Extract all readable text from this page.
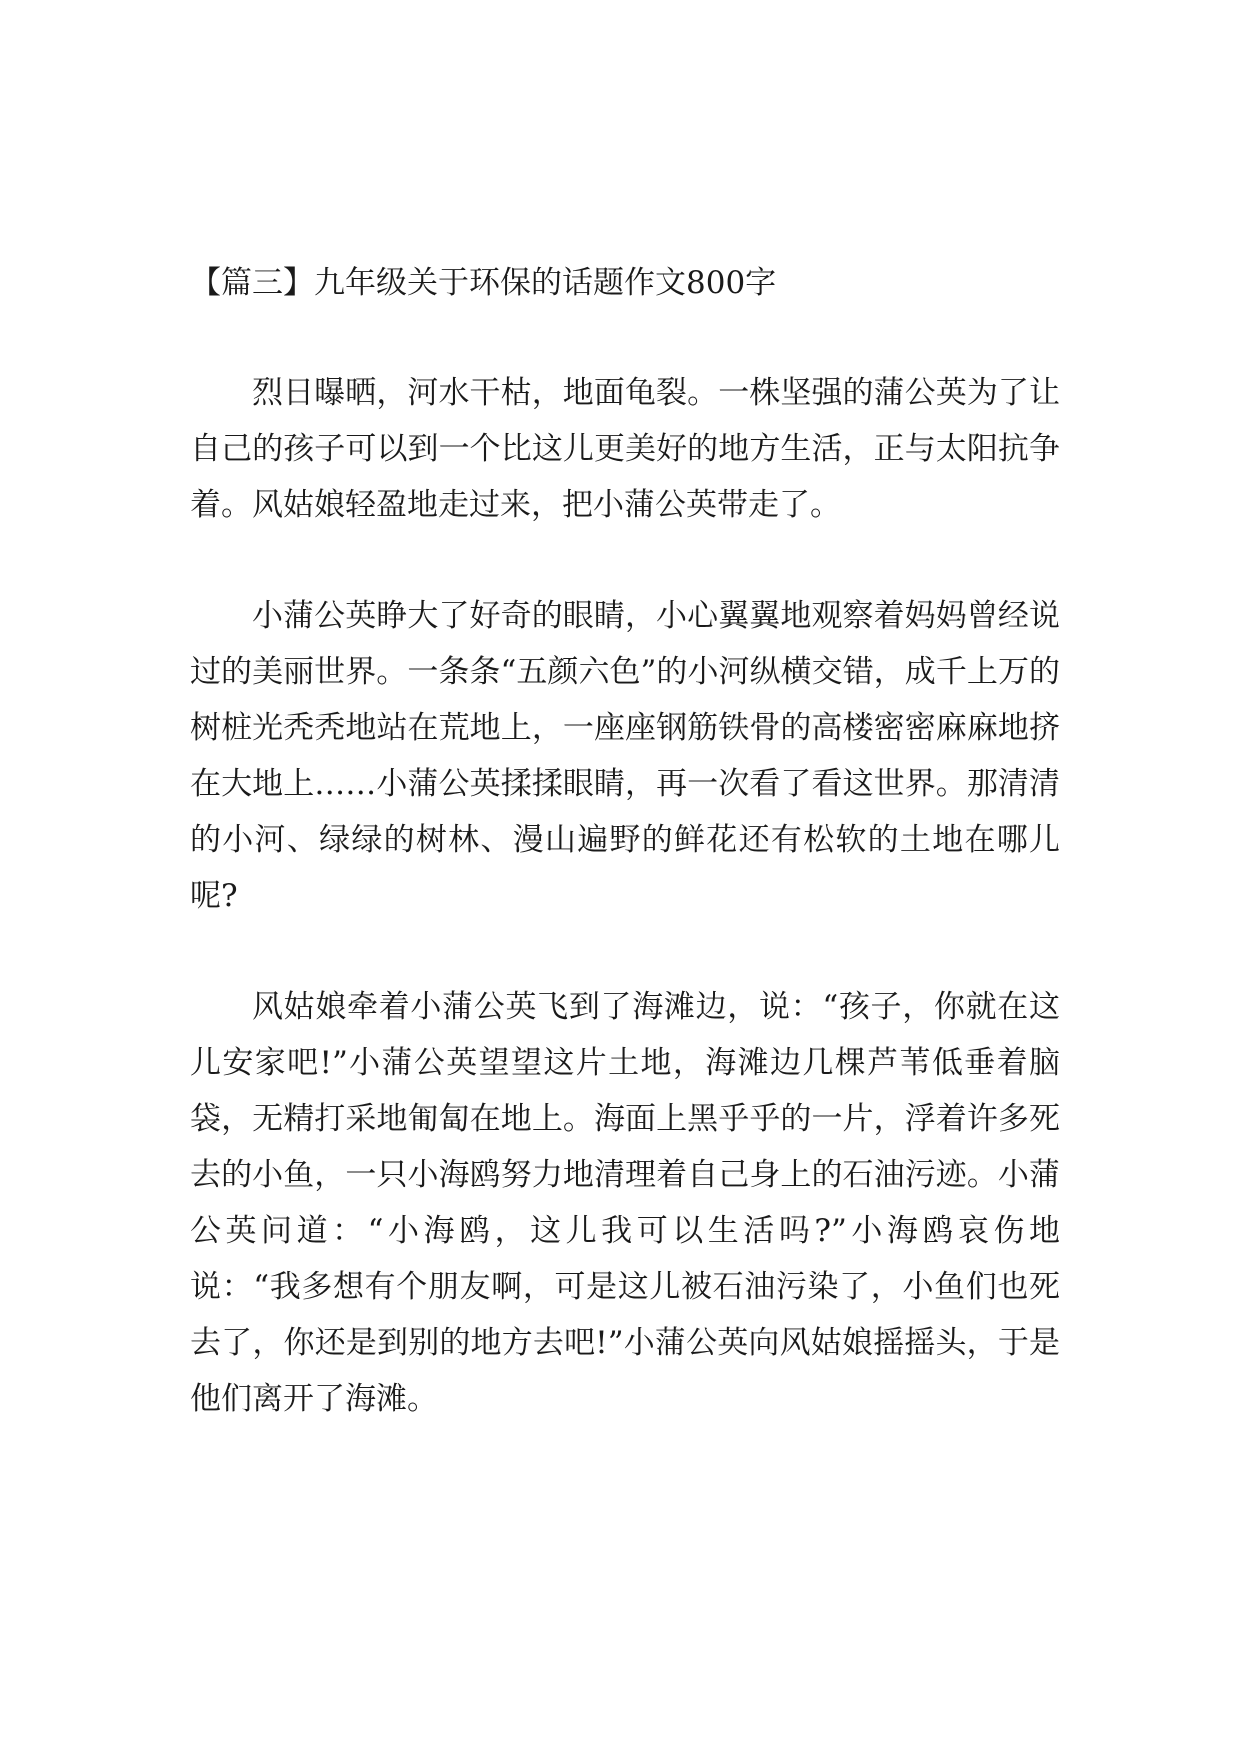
【篇三】九年级关于环保的话题作文800字

烈日曝晒，河水干枯，地面龟裂。一株坚强的蒲公英为了让自己的孩子可以到一个比这儿更美好的地方生活，正与太阳抗争着。风姑娘轻盈地走过来，把小蒲公英带走了。

小蒲公英睁大了好奇的眼睛，小心翼翼地观察着妈妈曾经说过的美丽世界。一条条“五颜六色”的小河纵横交错，成千上万的树桩光秃秃地站在荒地上，一座座钢筋铁骨的高楼密密麻麻地挤在大地上……小蒲公英揉揉眼睛，再一次看了看这世界。那清清的小河、绿绿的树林、漫山遍野的鲜花还有松软的土地在哪儿呢?

风姑娘牵着小蒲公英飞到了海滩边，说：“孩子，你就在这儿安家吧!”小蒲公英望望这片土地，海滩边几棵芦苇低垂着脑袋，无精打采地匍匐在地上。海面上黑乎乎的一片，浮着许多死去的小鱼，一只小海鸥努力地清理着自己身上的石油污迹。小蒲公英问道：“小海鸥，这儿我可以生活吗?”小海鸥哀伤地说：“我多想有个朋友啊，可是这儿被石油污染了，小鱼们也死去了，你还是到别的地方去吧!”小蒲公英向风姑娘摇摇头，于是他们离开了海滩。
